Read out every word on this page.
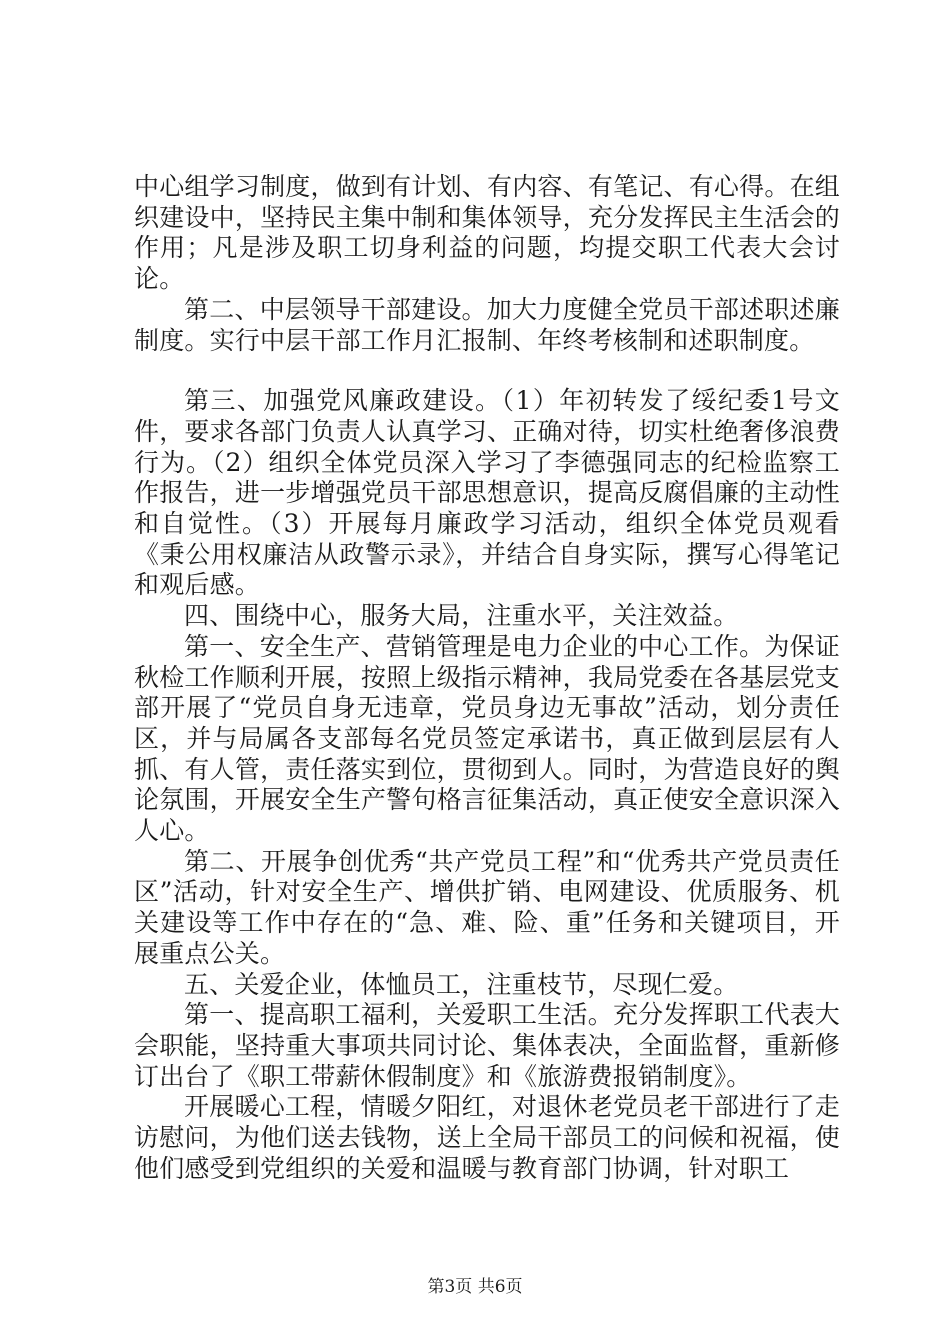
中心组学习制度，做到有计划、有内容、有笔记、有心得。在组织建设中，坚持民主集中制和集体领导，充分发挥民主生活会的作用；凡是涉及职工切身利益的问题，均提交职工代表大会讨论。

第二、中层领导干部建设。加大力度健全党员干部述职述廉制度。实行中层干部工作月汇报制、年终考核制和述职制度。

第三、加强党风廉政建设。（1）年初转发了绥纪委1号文件，要求各部门负责人认真学习、正确对待，切实杜绝奢侈浪费行为。（2）组织全体党员深入学习了李德强同志的纪检监察工作报告，进一步增强党员干部思想意识，提高反腐倡廉的主动性和自觉性。（3）开展每月廉政学习活动，组织全体党员观看《秉公用权廉洁从政警示录》，并结合自身实际，撰写心得笔记和观后感。

四、围绕中心，服务大局，注重水平，关注效益。

第一、安全生产、营销管理是电力企业的中心工作。为保证秋检工作顺利开展，按照上级指示精神，我局党委在各基层党支部开展了“党员自身无违章，党员身边无事故”活动，划分责任区，并与局属各支部每名党员签定承诺书，真正做到层层有人抓、有人管，责任落实到位，贯彻到人。同时，为营造良好的舆论氛围，开展安全生产警句格言征集活动，真正使安全意识深入人心。

第二、开展争创优秀“共产党员工程”和“优秀共产党员责任区”活动，针对安全生产、增供扩销、电网建设、优质服务、机关建设等工作中存在的“急、难、险、重”任务和关键项目，开展重点公关。

五、关爱企业，体恤员工，注重枝节，尽现仁爱。

第一、提高职工福利，关爱职工生活。充分发挥职工代表大会职能，坚持重大事项共同讨论、集体表决，全面监督，重新修订出台了《职工带薪休假制度》和《旅游费报销制度》。

开展暖心工程，情暖夕阳红，对退休老党员老干部进行了走访慰问，为他们送去钱物，送上全局干部员工的问候和祝福，使他们感受到党组织的关爱和温暖与教育部门协调，针对职工

第3页 共6页
